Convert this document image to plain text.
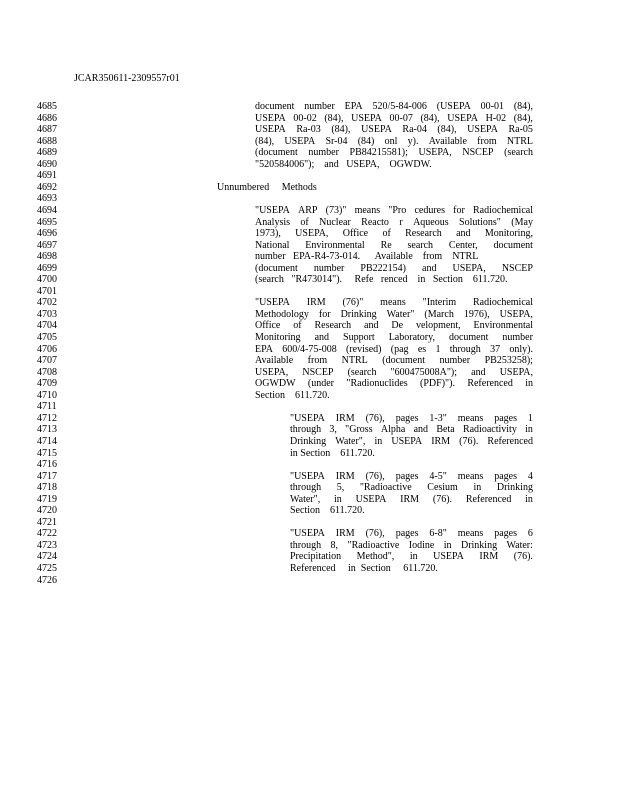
JCAR350611-2309557r01
4685
4686
4687
4688
4689
4690
4691
4692
4693
4694
4695
4696
4697
4698
4699
4700
4701
4702
4703
4704
4705
4706
4707
4708
4709
4710
4711
4712
4713
4714
4715
4716
4717
4718
4719
4720
4721
4722
4723
4724
4725
4726
document number EPA 520/5-84-006 (USEPA 00-01 (84),
USEPA 00-02 (84), USEPA 00-07 (84), USEPA H-02 (84),
USEPA Ra-03 (84), USEPA Ra-04 (84), USEPA Ra-05
(84), USEPA Sr-04 (84) onl y). Available from NTRL
(document number PB84215581); USEPA, NSCEP (search
"520584006");    and   USEPA,    OGWDW.
Unnumbered     Methods
"USEPA ARP (73)" means "Pro cedures for Radiochemical
Analysis of Nuclear Reacto r Aqueous Solutions" (May
1973), USEPA, Office of Research and Monitoring,
National Environmental Re search Center, document
number   EPA-R4-73-014.      Available    from    NTRL
(document number PB222154) and USEPA, NSCEP
(search   "R473014").     Refe   renced    in   Section    611.720.
"USEPA IRM (76)" means "Interim Radiochemical
Methodology for Drinking Water" (March 1976), USEPA,
Office of Research and De velopment, Environmental
Monitoring and Support Laboratory, document number
EPA 600/4-75-008 (revised) (pag es 1 through 37 only).
Available from NTRL (document number PB253258);
USEPA, NSCEP (search "600475008A"); and USEPA,
OGWDW (under "Radionuclides (PDF)"). Referenced in
Section    611.720.
"USEPA IRM (76), pages 1-3" means pages 1
through 3, "Gross Alpha and Beta Radioactivity in
Drinking Water", in USEPA IRM (76). Referenced
in Section    611.720.
"USEPA IRM (76), pages 4-5" means pages 4
through 5, "Radioactive Cesium in Drinking
Water", in USEPA IRM (76). Referenced in
Section    611.720.
"USEPA IRM (76), pages 6-8" means pages 6
through 8, "Radioactive Iodine in Drinking Water:
Precipitation Method", in USEPA IRM (76).
Referenced     in  Section     611.720.
